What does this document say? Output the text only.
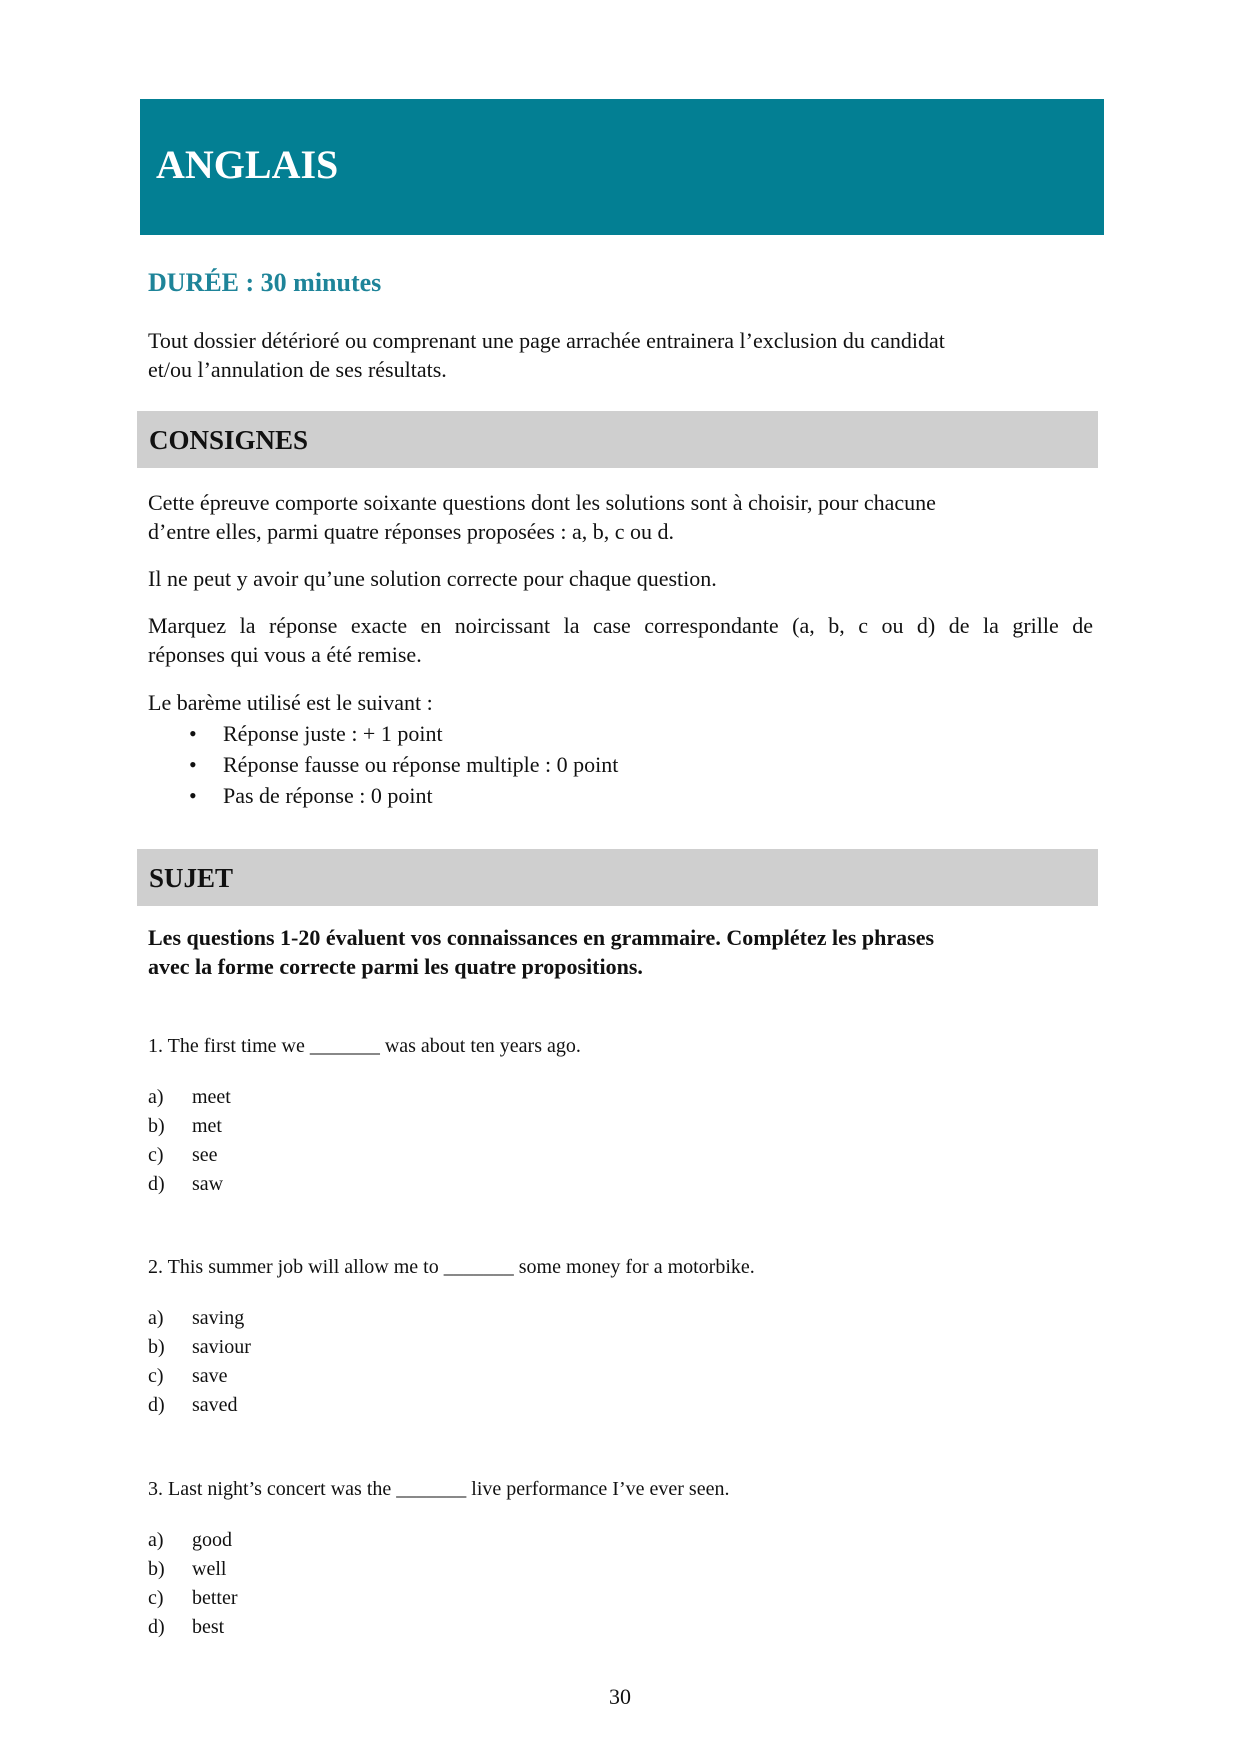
ANGLAIS

DURÉE : 30 minutes

Tout dossier détérioré ou comprenant une page arrachée entrainera l’exclusion du candidat

et/ou l’annulation de ses résultats.

CONSIGNES

Cette épreuve comporte soixante questions dont les solutions sont à choisir, pour chacune

d’entre elles, parmi quatre réponses proposées : a, b, c ou d.

Il ne peut y avoir qu’une solution correcte pour chaque question.

Marquez la réponse exacte en noircissant la case correspondante (a, b, c ou d) de la grille de

réponses qui vous a été remise.

Le barème utilisé est le suivant :

• Réponse juste : + 1 point
• Réponse fausse ou réponse multiple : 0 point
• Pas de réponse : 0 point
SUJET

Les questions 1-20 évaluent vos connaissances en grammaire. Complétez les phrases
avec la forme correcte parmi les quatre propositions.

1. The first time we _______ was about ten years ago.

a) meet
b) met
c) see
d) saw

2. This summer job will allow me to _______ some money for a motorbike.

a) saving
b) saviour
c) save
d) saved

3. Last night’s concert was the _______ live performance I’ve ever seen.

a) good
b) well
c) better
d) best

30
